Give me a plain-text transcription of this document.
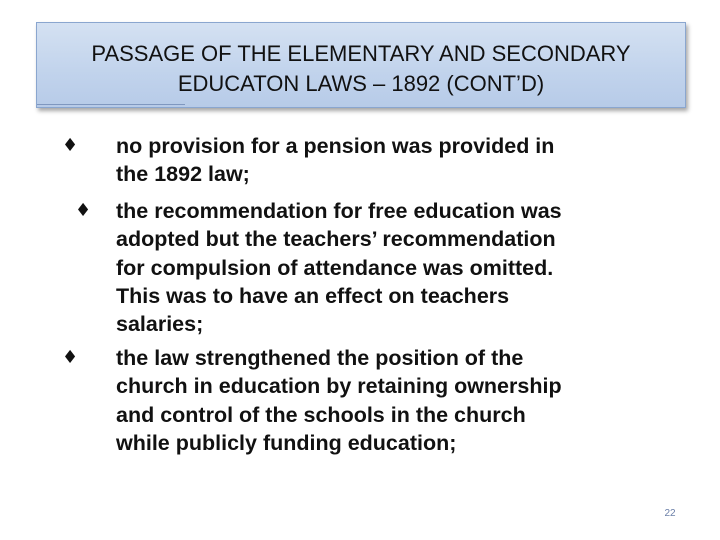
PASSAGE OF THE ELEMENTARY AND SECONDARY
EDUCATON LAWS – 1892 (CONT’D)
♦ no provision for a pension was provided in
the 1892 law;
♦ the recommendation for free education was
adopted but the teachers’ recommendation
for compulsion of attendance was omitted.
This was to have an effect on teachers
salaries;
♦ the law strengthened the position of the
church in education by retaining ownership
and control of the schools in the church
while publicly funding education;
22
